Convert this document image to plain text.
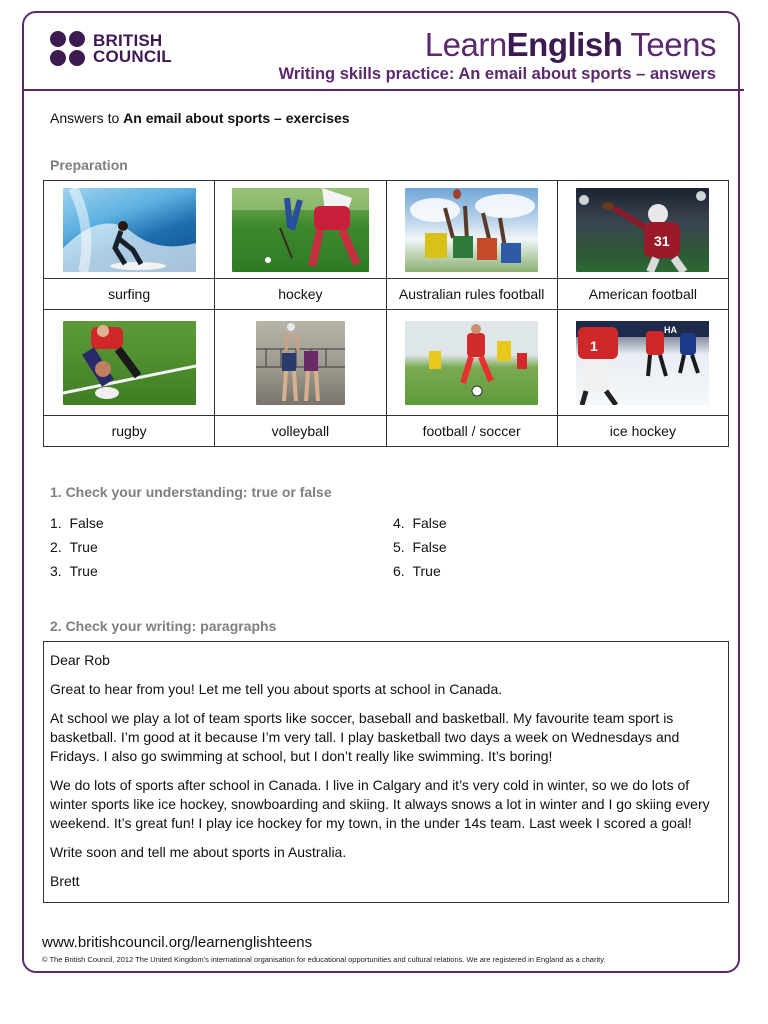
BRITISH
COUNCIL	LearnEnglish Teens
Writing skills practice: An email about sports – answers
Answers to An email about sports – exercises
Preparation

31

surfing	hockey	Australian rules football	American football

HA
1

rugby	volleyball	football / soccer	ice hockey
1. Check your understanding: true or false
1. False
2. True
3. True
4. False
5. False
6. True
2. Check your writing: paragraphs

Dear Rob

Great to hear from you! Let me tell you about sports at school in Canada.

At school we play a lot of team sports like soccer, baseball and basketball. My favourite team sport is basketball. I’m good at it because I’m very tall. I play basketball two days a week on Wednesdays and Fridays. I also go swimming at school, but I don’t really like swimming. It’s boring!

We do lots of sports after school in Canada. I live in Calgary and it’s very cold in winter, so we do lots of winter sports like ice hockey, snowboarding and skiing. It always snows a lot in winter and I go skiing every weekend. It’s great fun! I play ice hockey for my town, in the under 14s team. Last week I scored a goal!

Write soon and tell me about sports in Australia.

Brett

www.britishcouncil.org/learnenglishteens
© The British Council, 2012 The United Kingdom’s international organisation for educational opportunities and cultural relations. We are registered in England as a charity.
